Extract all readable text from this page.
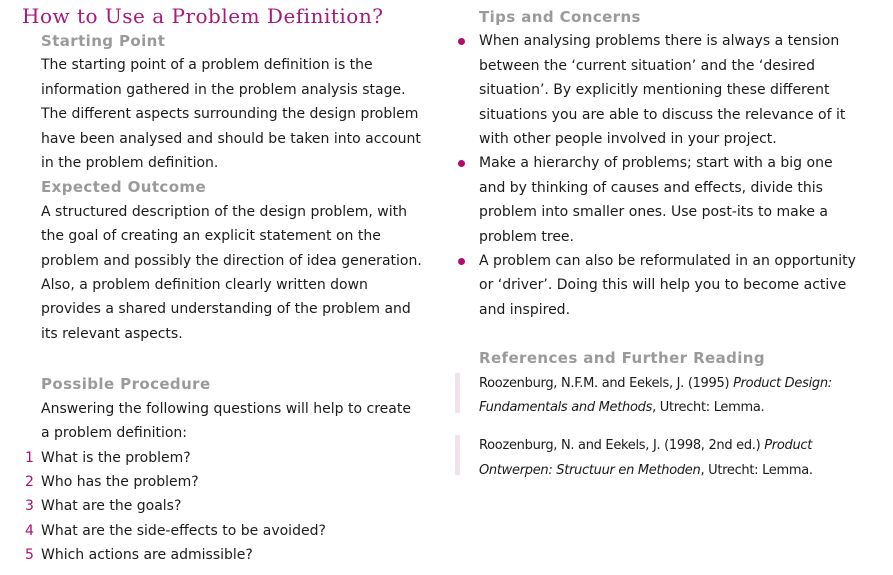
How to Use a Problem Definition?
Starting Point
The starting point of a problem definition is the
information gathered in the problem analysis stage.
The different aspects surrounding the design problem
have been analysed and should be taken into account
in the problem definition.
Expected Outcome
A structured description of the design problem, with
the goal of creating an explicit statement on the
problem and possibly the direction of idea generation.
Also, a problem definition clearly written down
provides a shared understanding of the problem and
its relevant aspects.
Possible Procedure
Answering the following questions will help to create
a problem definition:
1 What is the problem?
2 Who has the problem?
3 What are the goals?
4 What are the side-effects to be avoided?
5 Which actions are admissible?
Tips and Concerns
When analysing problems there is always a tension
between the ‘current situation’ and the ‘desired
situation’. By explicitly mentioning these different
situations you are able to discuss the relevance of it
with other people involved in your project.
Make a hierarchy of problems; start with a big one
and by thinking of causes and effects, divide this
problem into smaller ones. Use post-its to make a
problem tree.
A problem can also be reformulated in an opportunity
or ‘driver’. Doing this will help you to become active
and inspired.
References and Further Reading
Roozenburg, N.F.M. and Eekels, J. (1995) Product Design:
Fundamentals and Methods, Utrecht: Lemma.
Roozenburg, N. and Eekels, J. (1998, 2nd ed.) Product
Ontwerpen: Structuur en Methoden, Utrecht: Lemma.
